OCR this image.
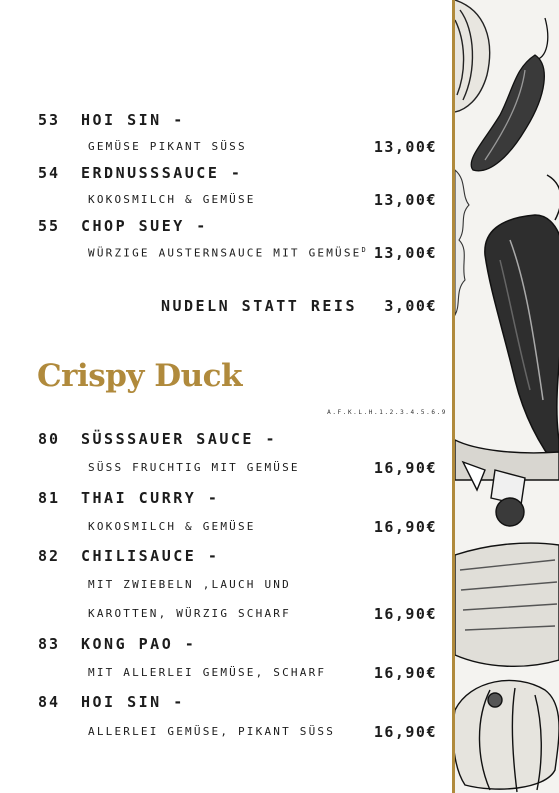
53 HOI SIN -
GEMÜSE PIKANT SÜSS	13,00€
54 ERDNUSSSAUCE -
KOKOSMILCH & GEMÜSE	13,00€
55 CHOP SUEY -
WÜRZIGE AUSTERNSAUCE MIT $GEMÜSE^D$ 13,00€
NUDELN STATT REIS 3,00€
Crispy Duck
A.F.K.L.H.1.2.3.4.5.6.9
80 SÜSSSAUER SAUCE -
SÜSS FRUCHTIG MIT GEMÜSE	16,90€
81 THAI CURRY -
KOKOSMILCH & GEMÜSE	16,90€
82 CHILISAUCE -
MIT ZWIEBELN ,LAUCH UND
KAROTTEN, WÜRZIG SCHARF	16,90€
83 KONG PAO -
MIT ALLERLEI GEMÜSE, SCHARF	16,90€
84 HOI SIN -
ALLERLEI GEMÜSE, PIKANT SÜSS	16,90€
